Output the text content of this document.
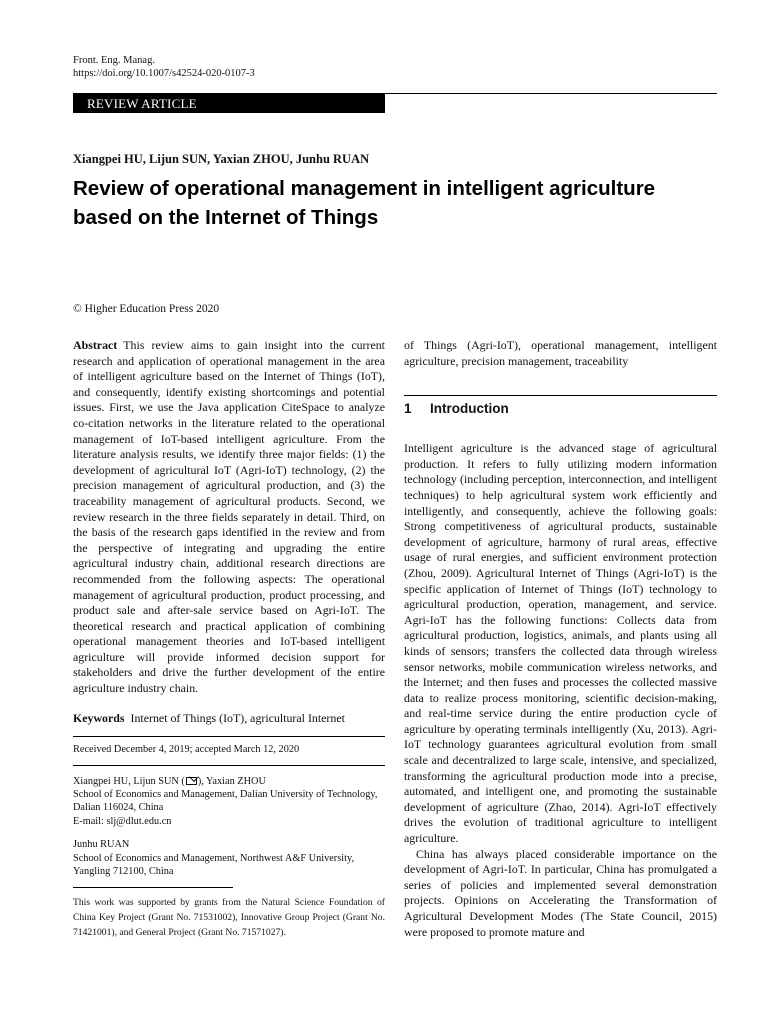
Front. Eng. Manag.
https://doi.org/10.1007/s42524-020-0107-3
REVIEW ARTICLE
Xiangpei HU, Lijun SUN, Yaxian ZHOU, Junhu RUAN
Review of operational management in intelligent agriculture
based on the Internet of Things
© Higher Education Press 2020
Abstract This review aims to gain insight into the current research and application of operational management in the area of intelligent agriculture based on the Internet of Things (IoT), and consequently, identify existing shortcomings and potential issues. First, we use the Java application CiteSpace to analyze co-citation networks in the literature related to the operational management of IoT-based intelligent agriculture. From the literature analysis results, we identify three major fields: (1) the development of agricultural IoT (Agri-IoT) technology, (2) the precision management of agricultural production, and (3) the traceability management of agricultural products. Second, we review research in the three fields separately in detail. Third, on the basis of the research gaps identified in the review and from the perspective of integrating and upgrading the entire agricultural industry chain, additional research directions are recommended from the following aspects: The operational management of agricultural production, product processing, and product sale and after-sale service based on Agri-IoT. The theoretical research and practical application of combining operational management theories and IoT-based intelligent agriculture will provide informed decision support for stakeholders and drive the further development of the entire agriculture industry chain.
Keywords Internet of Things (IoT), agricultural Internet
Received December 4, 2019; accepted March 12, 2020
Xiangpei HU, Lijun SUN ( ), Yaxian ZHOU
School of Economics and Management, Dalian University of Technology, Dalian 116024, China
E-mail: slj@dlut.edu.cn
Junhu RUAN
School of Economics and Management, Northwest A&F University, Yangling 712100, China
This work was supported by grants from the Natural Science Foundation of China Key Project (Grant No. 71531002), Innovative Group Project (Grant No. 71421001), and General Project (Grant No. 71571027).
of Things (Agri-IoT), operational management, intelligent agriculture, precision management, traceability
1 Introduction

Intelligent agriculture is the advanced stage of agricultural production. It refers to fully utilizing modern information technology (including perception, interconnection, and intelligent techniques) to help agricultural system work efficiently and intelligently, and consequently, achieve the following goals: Strong competitiveness of agricultural products, sustainable development of agriculture, harmony of rural areas, effective usage of rural energies, and sufficient environment protection (Zhou, 2009). Agricultural Internet of Things (Agri-IoT) is the specific application of Internet of Things (IoT) technology to agricultural production, operation, management, and service. Agri-IoT has the following functions: Collects data from agricultural production, logistics, animals, and plants using all kinds of sensors; transfers the collected data through wireless sensor networks, mobile communication wireless networks, and the Internet; and then fuses and processes the collected massive data to realize process monitoring, scientific decision-making, and real-time service during the entire production cycle of agriculture by operating terminals intelligently (Xu, 2013). Agri-IoT technology guarantees agricultural evolution from small scale and decentralized to large scale, intensive, and specialized, transforming the agricultural production mode into a precise, automated, and intelligent one, and promoting the sustainable development of agriculture (Zhao, 2014). Agri-IoT effectively drives the evolution of traditional agriculture to intelligent agriculture.

China has always placed considerable importance on the development of Agri-IoT. In particular, China has promulgated a series of policies and implemented several demonstration projects. Opinions on Accelerating the Transformation of Agricultural Development Modes (The State Council, 2015) were proposed to promote mature and
